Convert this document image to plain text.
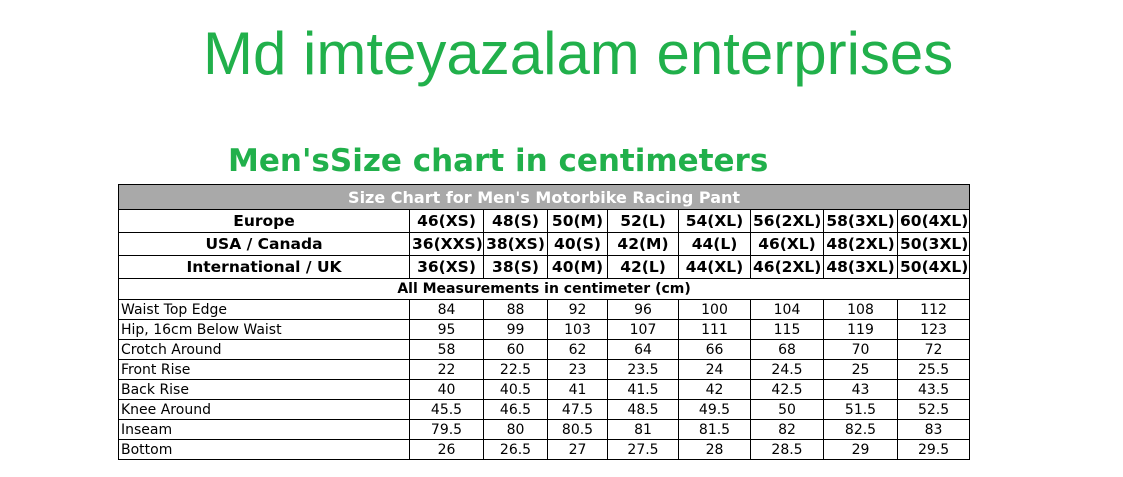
Md imteyazalam enterprises
Men'sSize chart in centimeters
Size Chart for Men's Motorbike Racing Pant								
Europe	46(XS)	48(S)	50(M)	52(L)	54(XL)	56(2XL)	58(3XL)	60(4XL)
USA / Canada	36(XXS)	38(XS)	40(S)	42(M)	44(L)	46(XL)	48(2XL)	50(3XL)
International / UK	36(XS)	38(S)	40(M)	42(L)	44(XL)	46(2XL)	48(3XL)	50(4XL)
All Measurements in centimeter (cm)								
Waist Top Edge	84	88	92	96	100	104	108	112
Hip, 16cm Below Waist	95	99	103	107	111	115	119	123
Crotch Around	58	60	62	64	66	68	70	72
Front Rise	22	22.5	23	23.5	24	24.5	25	25.5
Back Rise	40	40.5	41	41.5	42	42.5	43	43.5
Knee Around	45.5	46.5	47.5	48.5	49.5	50	51.5	52.5
Inseam	79.5	80	80.5	81	81.5	82	82.5	83
Bottom	26	26.5	27	27.5	28	28.5	29	29.5
